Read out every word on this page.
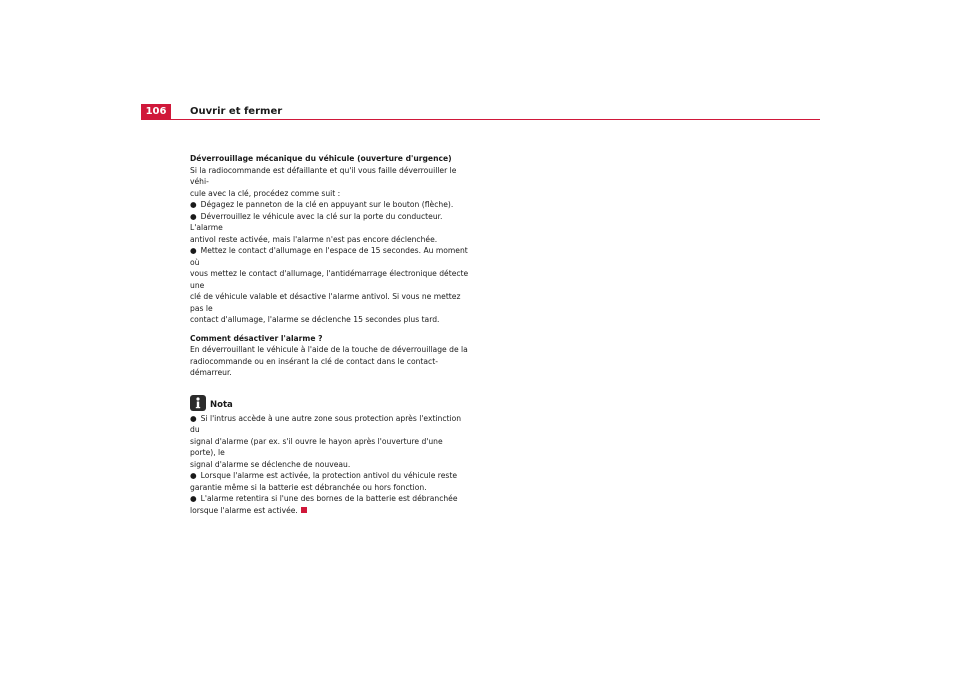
106	Ouvrir et fermer

Déverrouillage mécanique du véhicule (ouverture d'urgence)

Si la radiocommande est défaillante et qu'il vous faille déverrouiller le véhi-

cule avec la clé, procédez comme suit :

● Dégagez le panneton de la clé en appuyant sur le bouton (flèche).

● Déverrouillez le véhicule avec la clé sur la porte du conducteur. L'alarme

antivol reste activée, mais l'alarme n'est pas encore déclenchée.

● Mettez le contact d'allumage en l'espace de 15 secondes. Au moment où

vous mettez le contact d'allumage, l'antidémarrage électronique détecte une

clé de véhicule valable et désactive l'alarme antivol. Si vous ne mettez pas le

contact d'allumage, l'alarme se déclenche 15 secondes plus tard.

Comment désactiver l'alarme ?

En déverrouillant le véhicule à l'aide de la touche de déverrouillage de la

radiocommande ou en insérant la clé de contact dans le contact-démarreur.

Nota

● Si l'intrus accède à une autre zone sous protection après l'extinction du

signal d'alarme (par ex. s'il ouvre le hayon après l'ouverture d'une porte), le

signal d'alarme se déclenche de nouveau.

● Lorsque l'alarme est activée, la protection antivol du véhicule reste

garantie même si la batterie est débranchée ou hors fonction.

● L'alarme retentira si l'une des bornes de la batterie est débranchée

lorsque l'alarme est activée.
